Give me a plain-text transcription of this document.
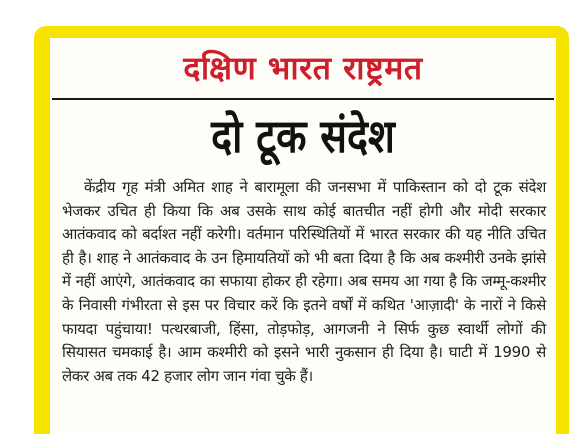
दक्षिण भारत राष्ट्रमत
दो टूक संदेश

केंद्रीय गृह मंत्री अमित शाह ने बारामूला की जनसभा में पाकिस्तान को दो टूक संदेश भेजकर उचित ही किया कि अब उसके साथ कोई बातचीत नहीं होगी और मोदी सरकार आतंकवाद को बर्दाश्त नहीं करेगी। वर्तमान परिस्थितियों में भारत सरकार की यह नीति उचित ही है। शाह ने आतंकवाद के उन हिमायतियों को भी बता दिया है कि अब कश्मीरी उनके झांसे में नहीं आएंगे, आतंकवाद का सफाया होकर ही रहेगा। अब समय आ गया है कि जम्मू-कश्मीर के निवासी गंभीरता से इस पर विचार करें कि इतने वर्षों में कथित 'आज़ादी' के नारों ने किसे फायदा पहुंचाया! पत्थरबाजी, हिंसा, तोड़फोड़, आगजनी ने सिर्फ कुछ स्वार्थी लोगों की सियासत चमकाई है। आम कश्मीरी को इसने भारी नुकसान ही दिया है। घाटी में 1990 से लेकर अब तक 42 हजार लोग जान गंवा चुके हैं।
